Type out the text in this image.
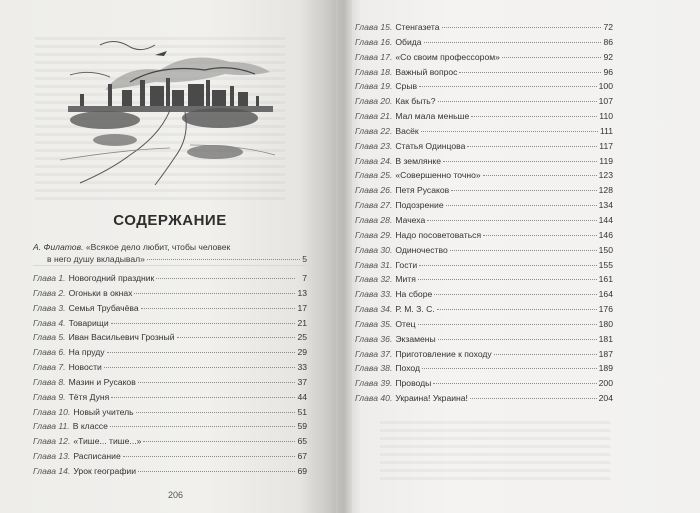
СОДЕРЖАНИЕ
А. Филатов. «Всякое дело любит, чтобы человек
в него душу вкладывал»	5
Глава 1. Новогодний праздник	7
Глава 2. Огоньки в окнах	13
Глава 3. Семья Трубачёва	17
Глава 4. Товарищи	21
Глава 5. Иван Васильевич Грозный	25
Глава 6. На пруду	29
Глава 7. Новости	33
Глава 8. Мазин и Русаков	37
Глава 9. Тётя Дуня	44
Глава 10. Новый учитель	51
Глава 11. В классе	59
Глава 12. «Тише... тише...»	65
Глава 13. Расписание	67
Глава 14. Урок географии	69
206
Глава 15. Стенгазета	72
Глава 16. Обида	86
Глава 17. «Со своим профессором»	92
Глава 18. Важный вопрос	96
Глава 19. Срыв	100
Глава 20. Как быть?	107
Глава 21. Мал мала меньше	110
Глава 22. Васёк	111
Глава 23. Статья Одинцова	117
Глава 24. В землянке	119
Глава 25. «Совершенно точно»	123
Глава 26. Петя Русаков	128
Глава 27. Подозрение	134
Глава 28. Мачеха	144
Глава 29. Надо посоветоваться	146
Глава 30. Одиночество	150
Глава 31. Гости	155
Глава 32. Митя	161
Глава 33. На сборе	164
Глава 34. Р. М. З. С.	176
Глава 35. Отец	180
Глава 36. Экзамены	181
Глава 37. Приготовление к походу	187
Глава 38. Поход	189
Глава 39. Проводы	200
Глава 40. Украина! Украина!	204
